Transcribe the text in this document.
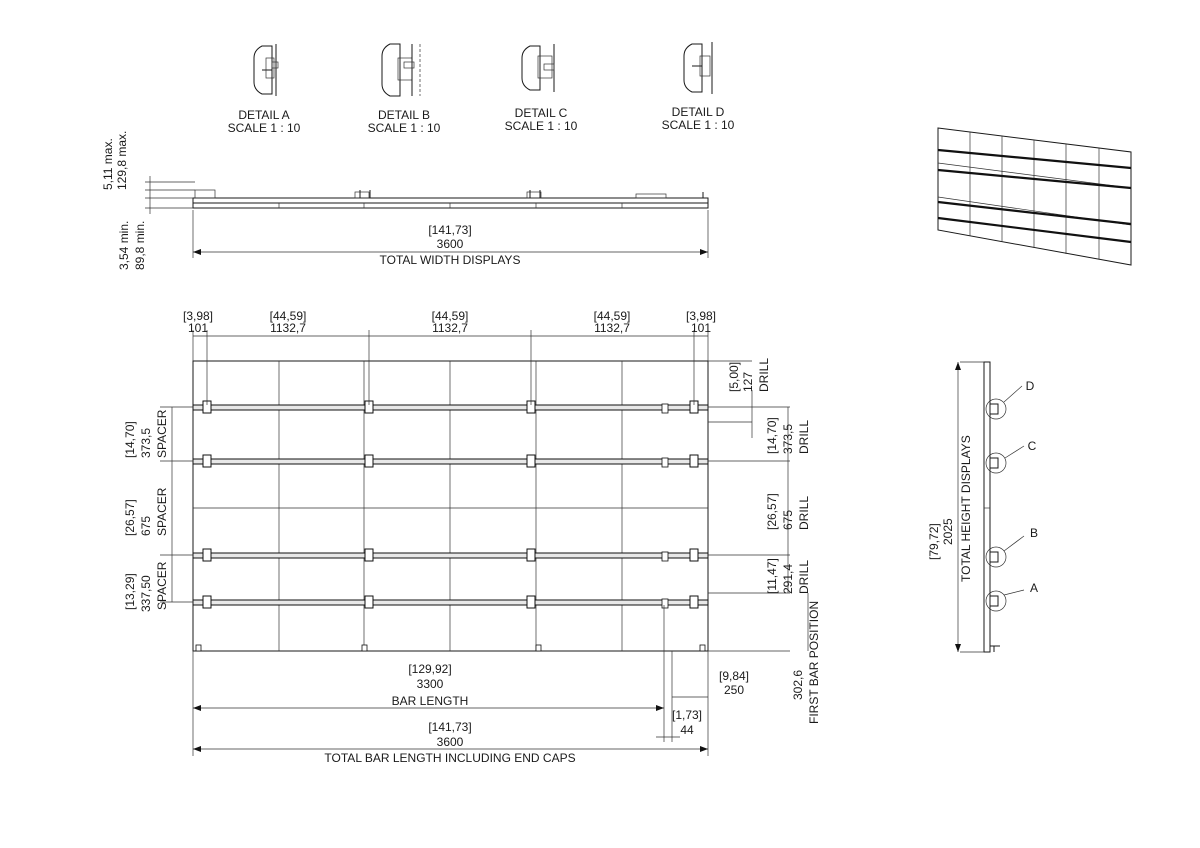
DETAIL A
SCALE 1 : 10
DETAIL B
SCALE 1 : 10
DETAIL C
SCALE 1 : 10
DETAIL D
SCALE 1 : 10
5,11 max. 129,8 max.
3,54 min. 89,8 min.	[141,73]
3600
TOTAL WIDTH DISPLAYS
[3,98]
101
[44,59]
1132,7
[44,59]
1132,7
[44,59]
1132,7
[3,98]
101
[14,70] 373,5 SPACER
[26,57] 675 SPACER
[13,29] 337,50 SPACER
[5,00] 127 DRILL
[14,70] 373,5 DRILL
[26,57] 675 DRILL
[11,47] 291,4 DRILL
302,6 FIRST BAR POSITION
[129,92]
3300
BAR LENGTH
[9,84]
250
[1,73]
44
[141,73]
3600
TOTAL BAR LENGTH INCLUDING END CAPS
D
C
B
A
[79,72] 2025 TOTAL HEIGHT DISPLAYS
